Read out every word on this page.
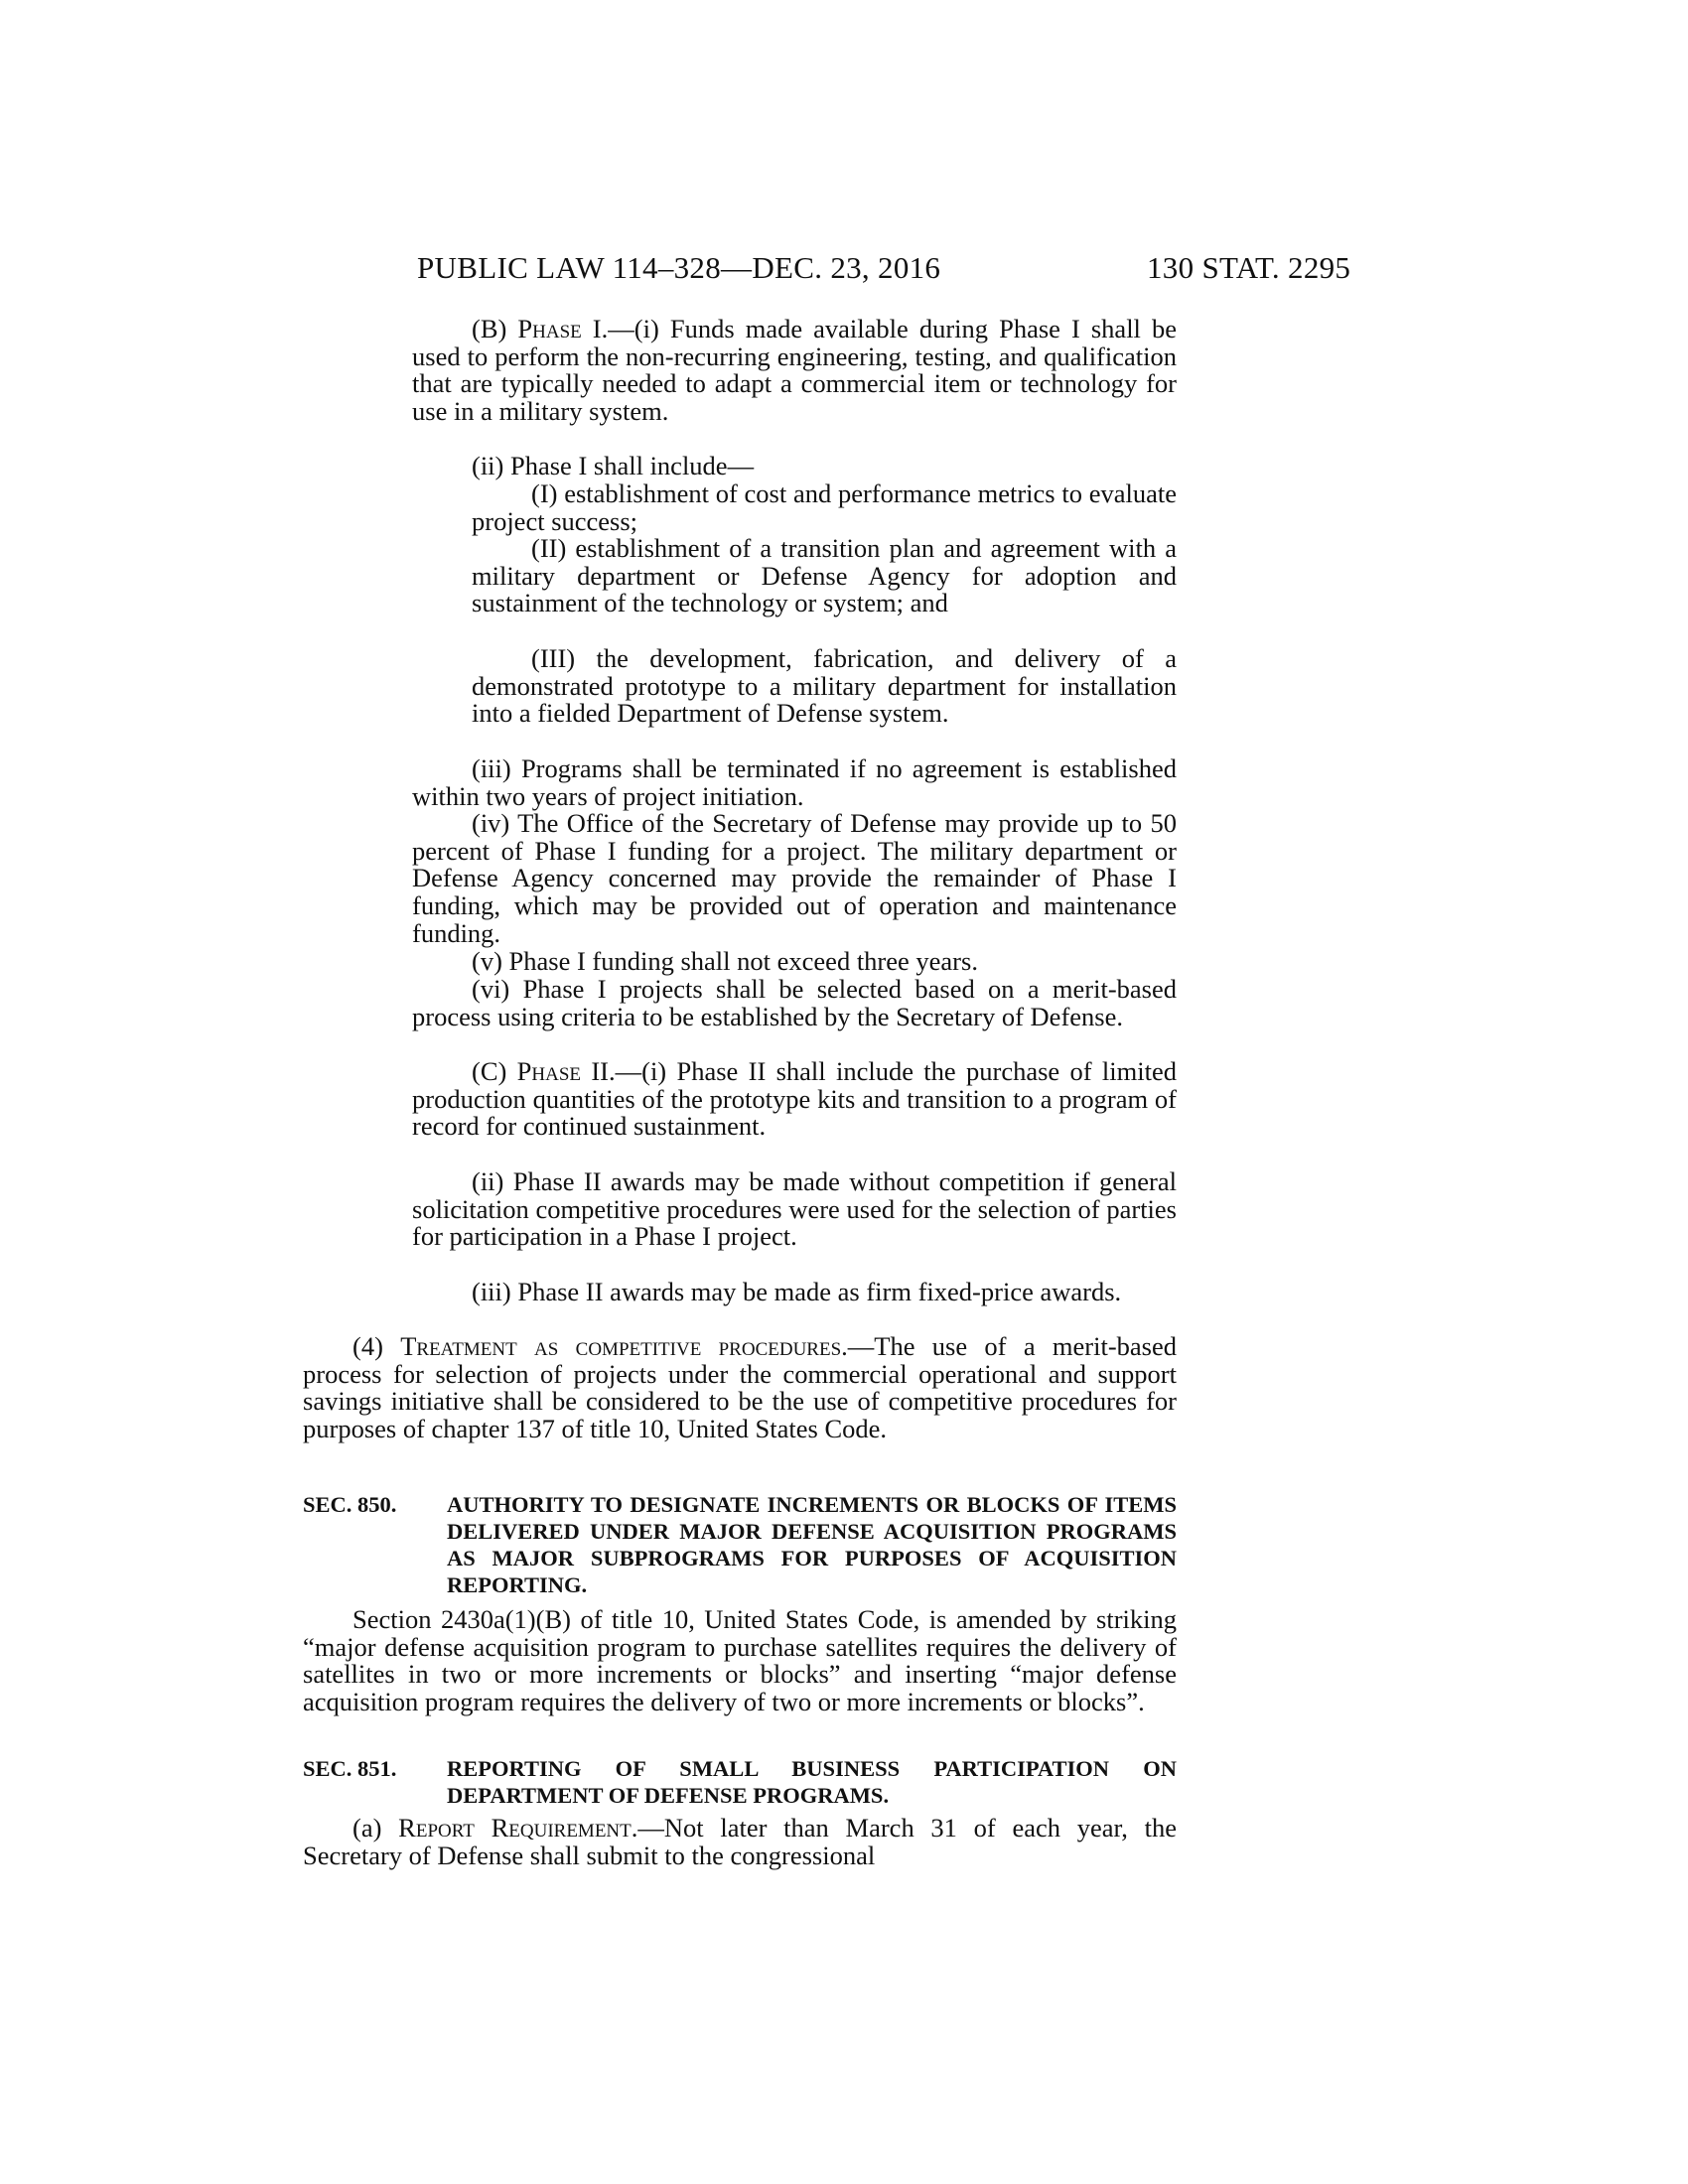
PUBLIC LAW 114–328—DEC. 23, 2016	130 STAT. 2295

(B) Phase I.—(i) Funds made available during Phase I shall be used to perform the non-recurring engineering, testing, and qualification that are typically needed to adapt a commercial item or technology for use in a military system.

(ii) Phase I shall include—

(I) establishment of cost and performance metrics to evaluate project success;

(II) establishment of a transition plan and agreement with a military department or Defense Agency for adoption and sustainment of the technology or system; and

(III) the development, fabrication, and delivery of a demonstrated prototype to a military department for installation into a fielded Department of Defense system.

(iii) Programs shall be terminated if no agreement is established within two years of project initiation.

(iv) The Office of the Secretary of Defense may provide up to 50 percent of Phase I funding for a project. The military department or Defense Agency concerned may provide the remainder of Phase I funding, which may be provided out of operation and maintenance funding.

(v) Phase I funding shall not exceed three years.

(vi) Phase I projects shall be selected based on a merit-based process using criteria to be established by the Secretary of Defense.

(C) Phase II.—(i) Phase II shall include the purchase of limited production quantities of the prototype kits and transition to a program of record for continued sustainment.

(ii) Phase II awards may be made without competition if general solicitation competitive procedures were used for the selection of parties for participation in a Phase I project.

(iii) Phase II awards may be made as firm fixed-price awards.

(4) Treatment as competitive procedures.—The use of a merit-based process for selection of projects under the commercial operational and support savings initiative shall be considered to be the use of competitive procedures for purposes of chapter 137 of title 10, United States Code.

SEC. 850. AUTHORITY TO DESIGNATE INCREMENTS OR BLOCKS OF ITEMS DELIVERED UNDER MAJOR DEFENSE ACQUISITION PROGRAMS AS MAJOR SUBPROGRAMS FOR PURPOSES OF ACQUISITION REPORTING.

Section 2430a(1)(B) of title 10, United States Code, is amended by striking “major defense acquisition program to purchase satellites requires the delivery of satellites in two or more increments or blocks” and inserting “major defense acquisition program requires the delivery of two or more increments or blocks”.

SEC. 851. REPORTING OF SMALL BUSINESS PARTICIPATION ON DEPARTMENT OF DEFENSE PROGRAMS.

(a) Report Requirement.—Not later than March 31 of each year, the Secretary of Defense shall submit to the congressional
